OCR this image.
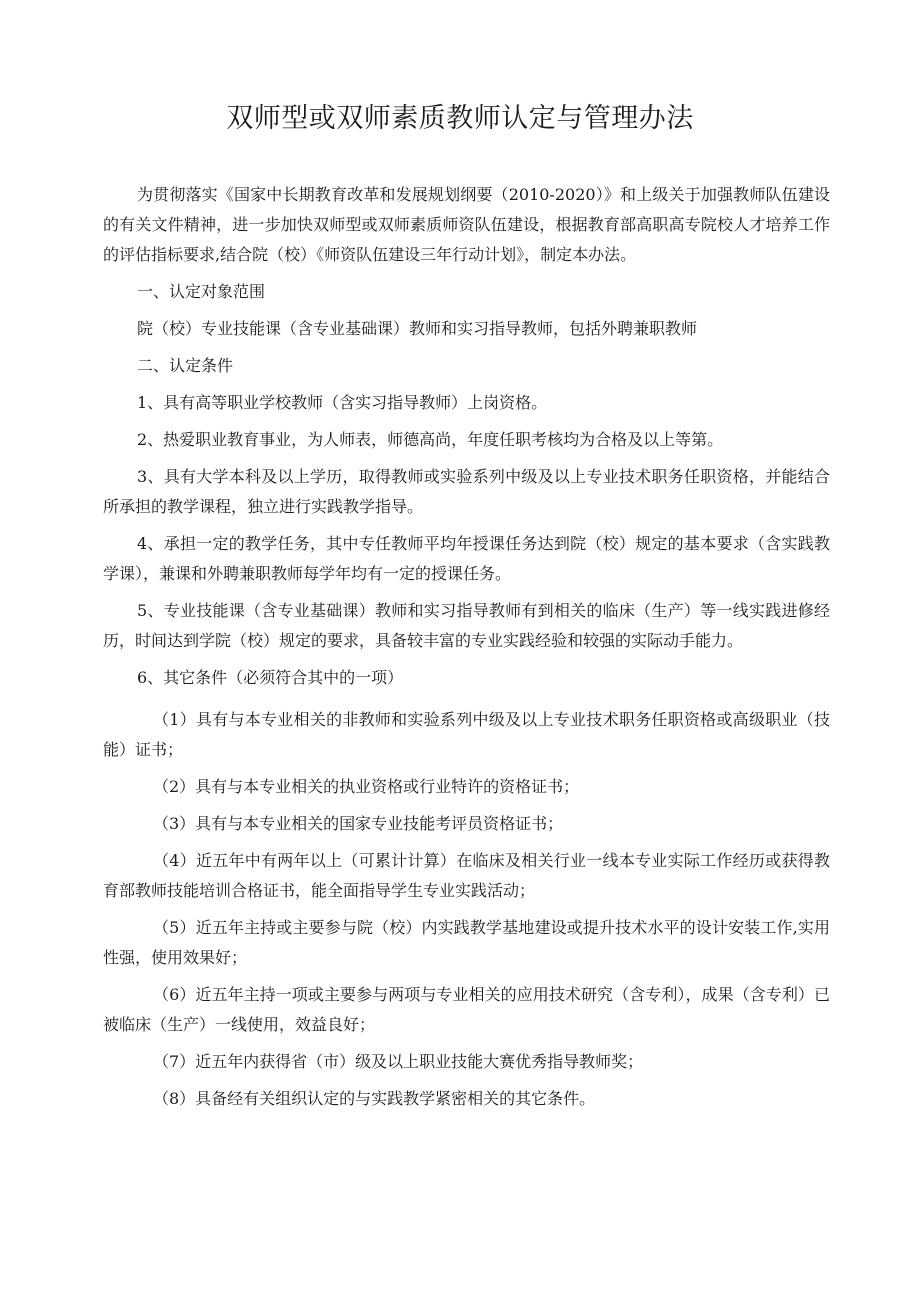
双师型或双师素质教师认定与管理办法

为贯彻落实《国家中长期教育改革和发展规划纲要（2010-2020）》和上级关于加强教师队伍建设的有关文件精神，进一步加快双师型或双师素质师资队伍建设，根据教育部高职高专院校人才培养工作的评估指标要求,结合院（校）《师资队伍建设三年行动计划》，制定本办法。

一、认定对象范围

院（校）专业技能课（含专业基础课）教师和实习指导教师，包括外聘兼职教师

二、认定条件

1、具有高等职业学校教师（含实习指导教师）上岗资格。

2、热爱职业教育事业，为人师表，师德高尚，年度任职考核均为合格及以上等第。

3、具有大学本科及以上学历，取得教师或实验系列中级及以上专业技术职务任职资格，并能结合所承担的教学课程，独立进行实践教学指导。

4、承担一定的教学任务，其中专任教师平均年授课任务达到院（校）规定的基本要求（含实践教学课），兼课和外聘兼职教师每学年均有一定的授课任务。

5、专业技能课（含专业基础课）教师和实习指导教师有到相关的临床（生产）等一线实践进修经历，时间达到学院（校）规定的要求，具备较丰富的专业实践经验和较强的实际动手能力。

6、其它条件（必须符合其中的一项）

（1）具有与本专业相关的非教师和实验系列中级及以上专业技术职务任职资格或高级职业（技能）证书；

（2）具有与本专业相关的执业资格或行业特许的资格证书；

（3）具有与本专业相关的国家专业技能考评员资格证书；

（4）近五年中有两年以上（可累计计算）在临床及相关行业一线本专业实际工作经历或获得教育部教师技能培训合格证书，能全面指导学生专业实践活动；

（5）近五年主持或主要参与院（校）内实践教学基地建设或提升技术水平的设计安装工作,实用性强，使用效果好；

（6）近五年主持一项或主要参与两项与专业相关的应用技术研究（含专利），成果（含专利）已被临床（生产）一线使用，效益良好；

（7）近五年内获得省（市）级及以上职业技能大赛优秀指导教师奖；

（8）具备经有关组织认定的与实践教学紧密相关的其它条件。
